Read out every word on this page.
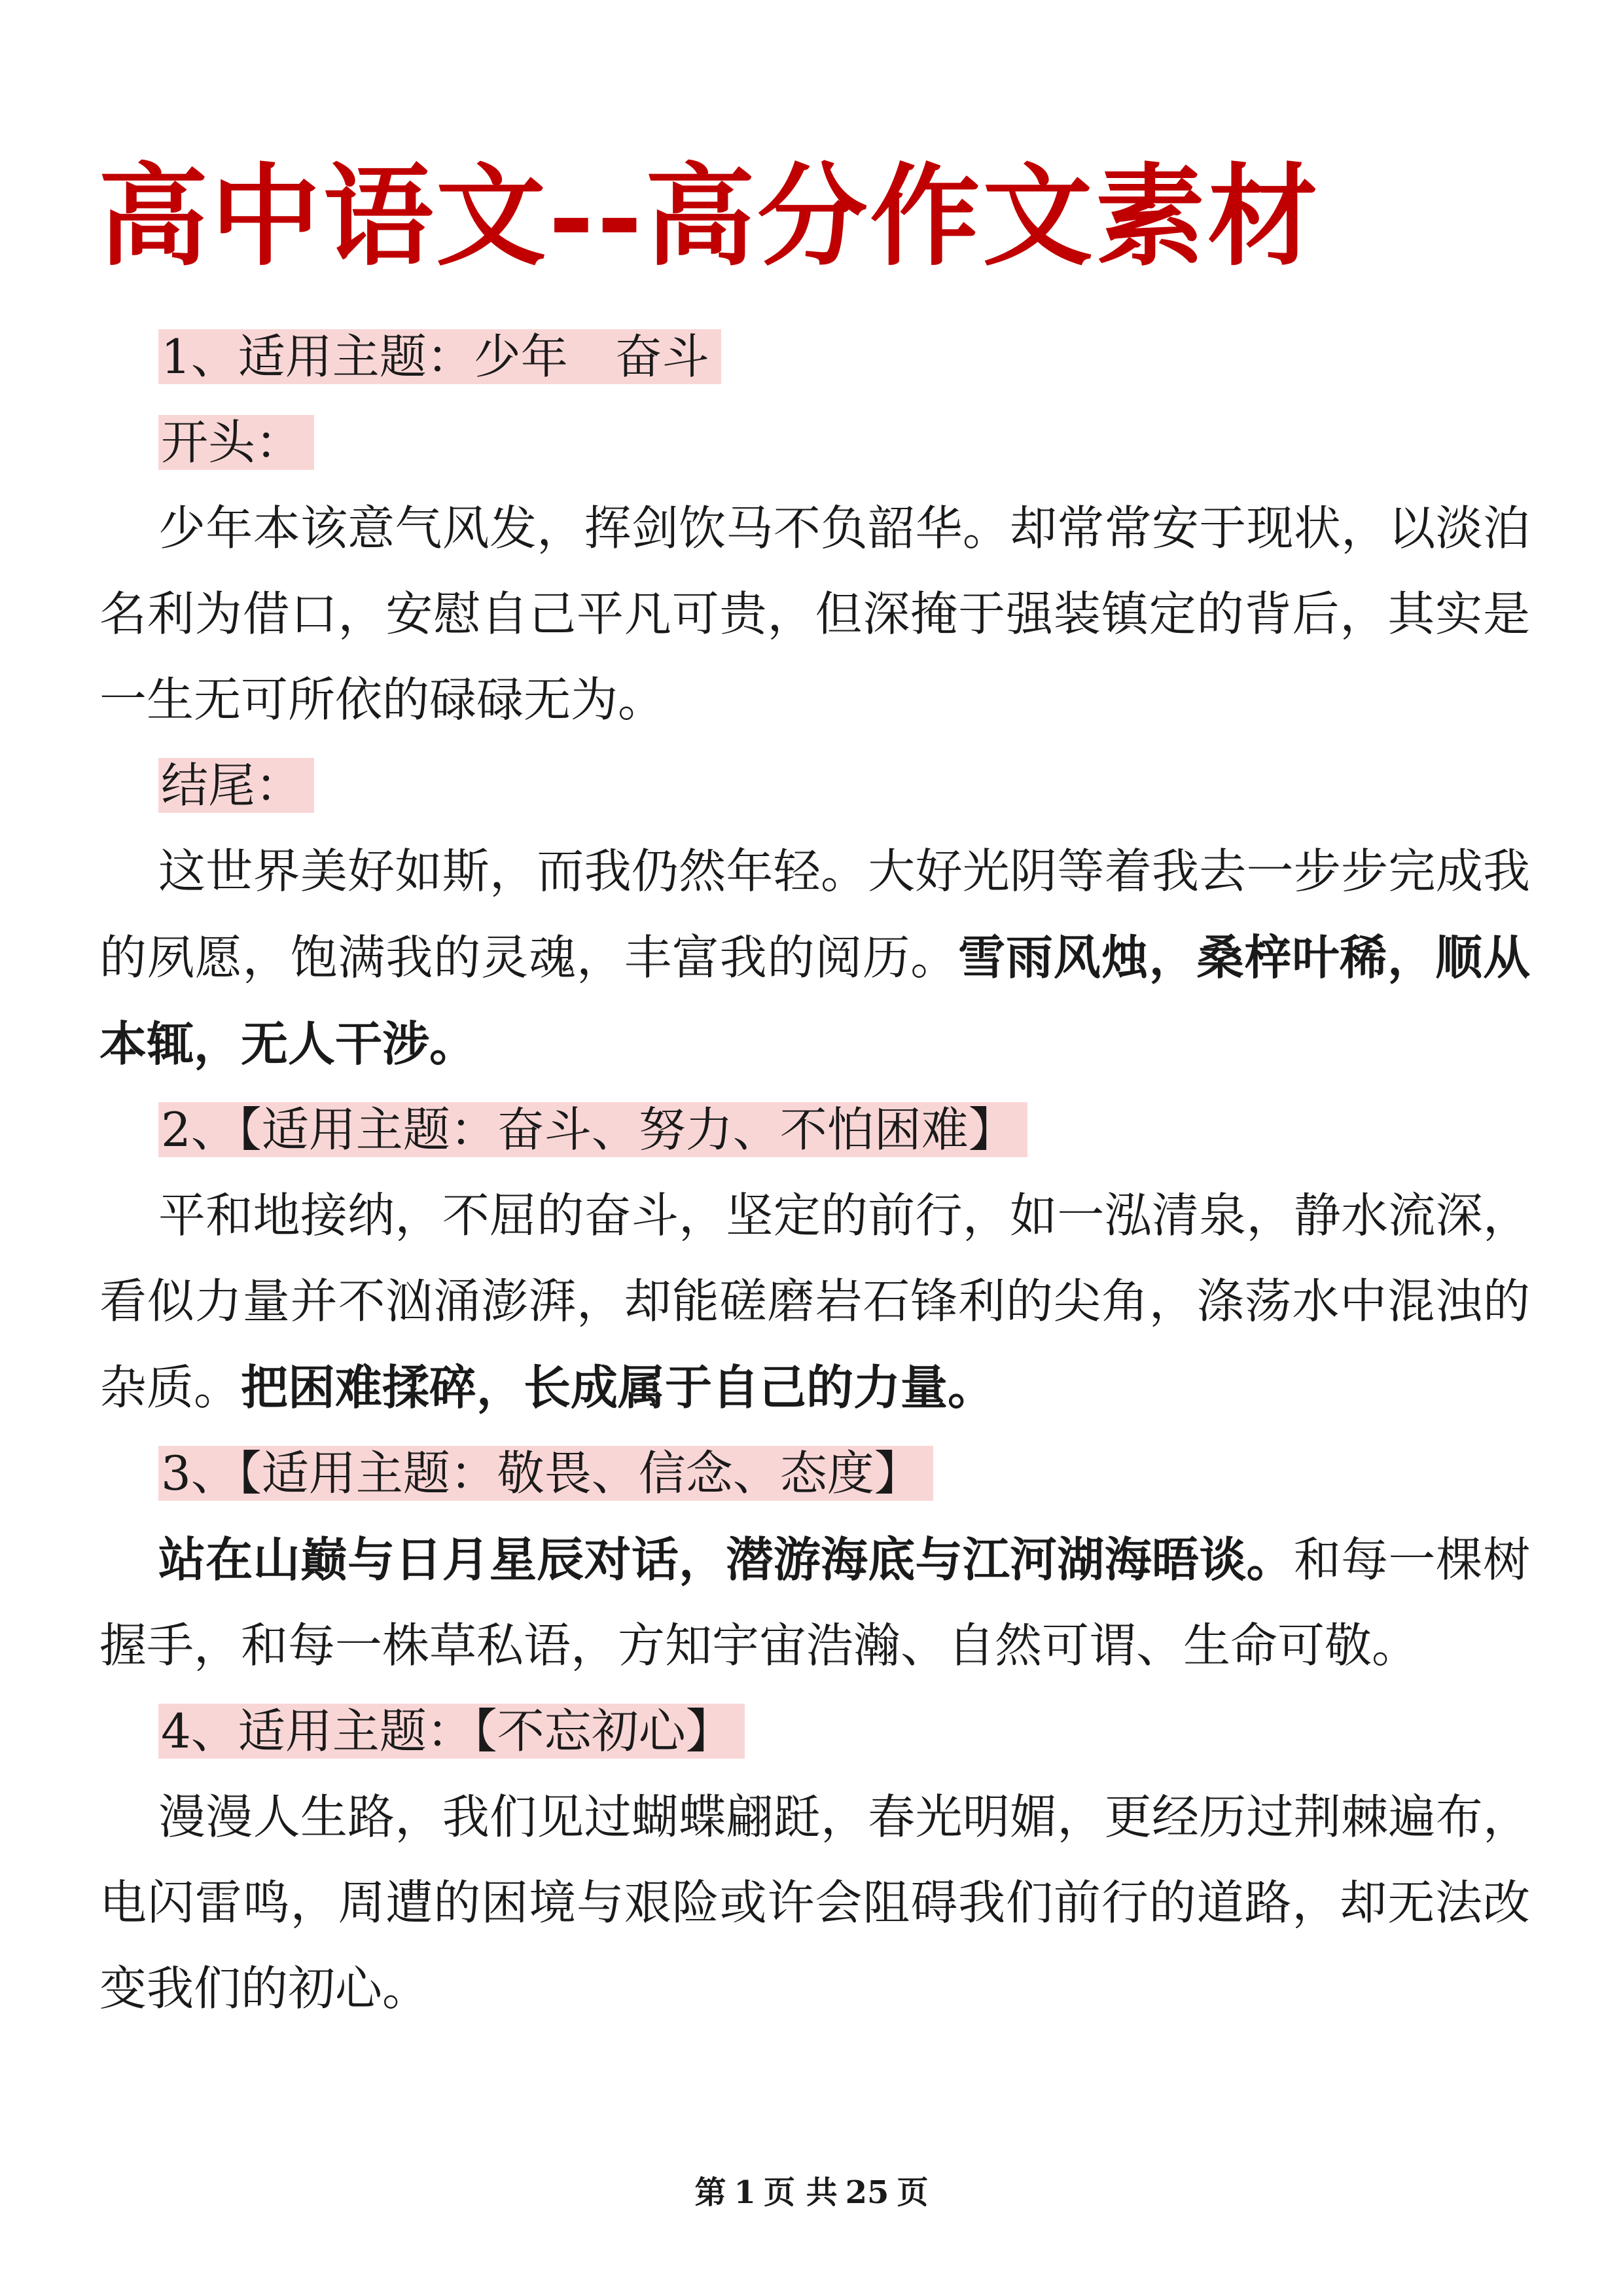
高中语文--高分作文素材

1、适用主题：少年　奋斗

开头：

少年本该意气风发，挥剑饮马不负韶华。却常常安于现状，以淡泊名利为借口，安慰自己平凡可贵，但深掩于强装镇定的背后，其实是一生无可所依的碌碌无为。

结尾：

这世界美好如斯，而我仍然年轻。大好光阴等着我去一步步完成我的夙愿，饱满我的灵魂，丰富我的阅历。雪雨风烛，桑梓叶稀，顺从本辄，无人干涉。

2、【适用主题：奋斗、努力、不怕困难】

平和地接纳，不屈的奋斗，坚定的前行，如一泓清泉，静水流深，看似力量并不汹涌澎湃，却能磋磨岩石锋利的尖角，涤荡水中混浊的杂质。把困难揉碎，长成属于自己的力量。

3、【适用主题：敬畏、信念、态度】

站在山巅与日月星辰对话，潜游海底与江河湖海晤谈。和每一棵树握手，和每一株草私语，方知宇宙浩瀚、自然可谓、生命可敬。

4、适用主题：【不忘初心】

漫漫人生路，我们见过蝴蝶翩跹，春光明媚，更经历过荆棘遍布，电闪雷鸣，周遭的困境与艰险或许会阻碍我们前行的道路，却无法改变我们的初心。

第 1 页 共 25 页
